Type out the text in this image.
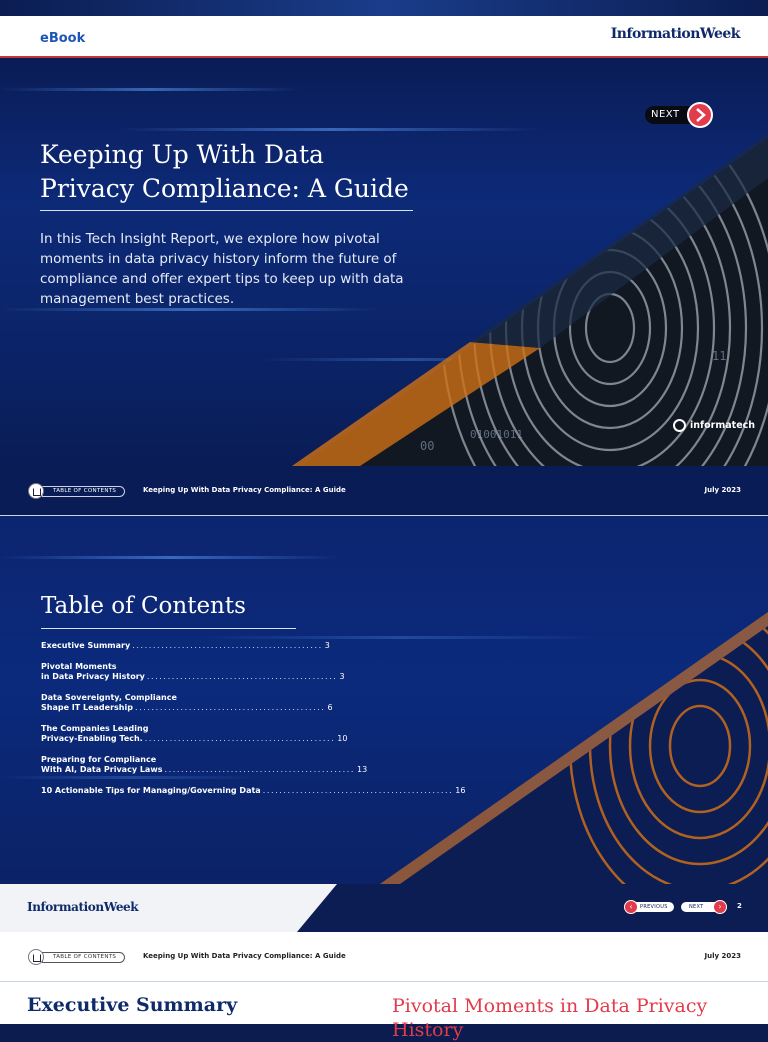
eBook	InformationWeek
01001011
00
11
Keeping Up With Data Privacy Compliance: A Guide
In this Tech Insight Report, we explore how pivotal moments in data privacy history inform the future of compliance and offer expert tips to keep up with data management best practices.
NEXT
informatech
TABLE OF CONTENTS	Keeping Up With Data Privacy Compliance: A Guide	July 2023
Table of Contents
Executive Summary .............................................. 3
Pivotal Moments
in Data Privacy History .............................................. 3
Data Sovereignty, Compliance
Shape IT Leadership .............................................. 6
The Companies Leading
Privacy-Enabling Tech. .............................................. 10
Preparing for Compliance
With AI, Data Privacy Laws .............................................. 13
10 Actionable Tips for Managing/Governing Data .............................................. 16
InformationWeek	PREVIOUS
‹	NEXT	›	2
TABLE OF CONTENTS	Keeping Up With Data Privacy Compliance: A Guide	July 2023
Executive Summary	Pivotal Moments in Data Privacy History
